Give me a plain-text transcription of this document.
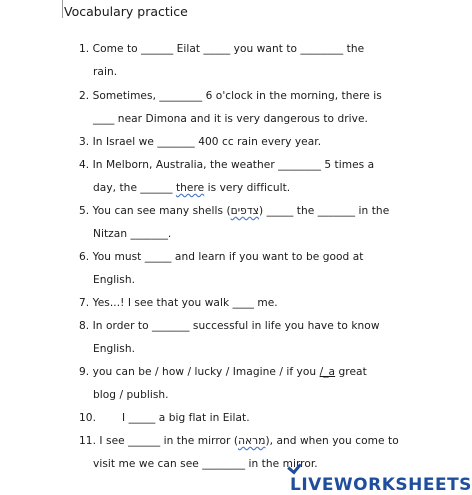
Vocabulary practice
1. Come to ______ Eilat _____ you want to ________ the
rain.
2. Sometimes, ________ 6 o'clock in the morning, there is
____ near Dimona and it is very dangerous to drive.
3. In Israel we _______ 400 cc rain every year.
4. In Melborn, Australia, the weather ________ 5 times a
day, the ______ there is very difficult.
5. You can see many shells (צדפים) _____ the _______ in the
Nitzan _______.
6. You must _____ and learn if you want to be good at
English.
7. Yes...! I see that you walk ____ me.
8. In order to _______ successful in life you have to know
English.
9. you can be / how / lucky / Imagine / if you /_a great
blog / publish.
10. I _____ a big flat in Eilat.
11. I see ______ in the mirror (מראה), and when you come to
visit me we can see ________ in the mirror.
LIVEWORKSHEETS
